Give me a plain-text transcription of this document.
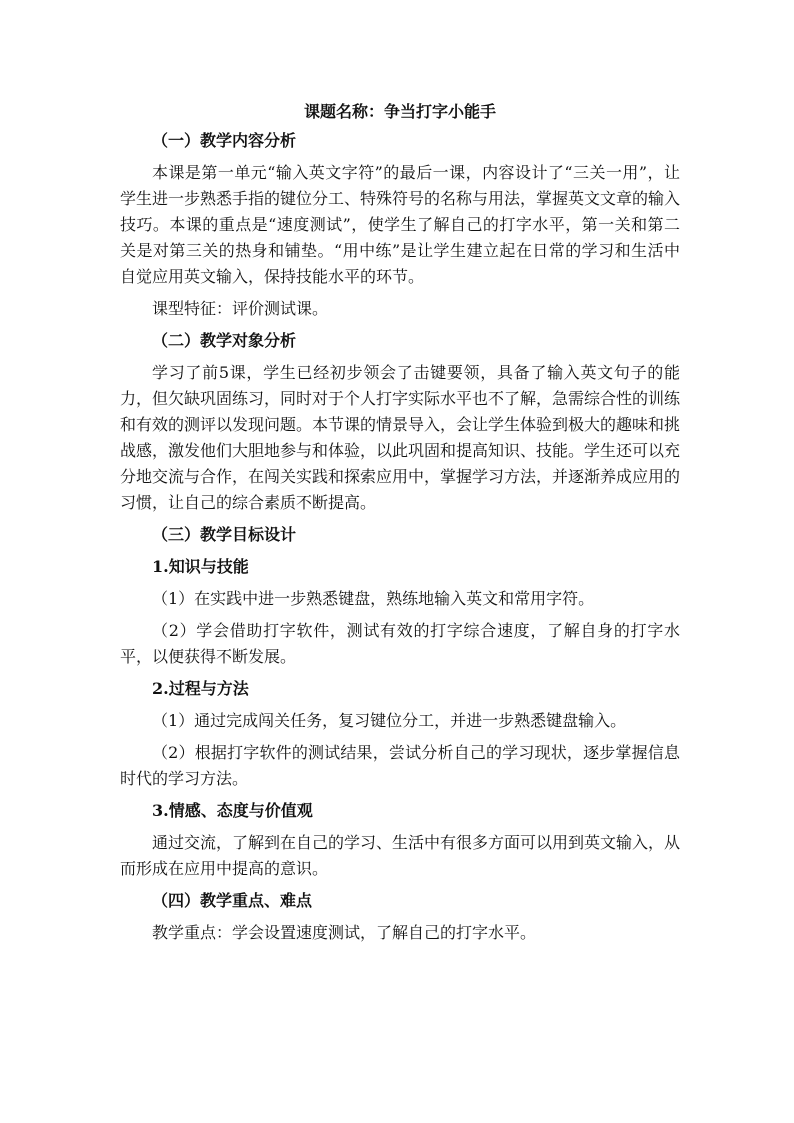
课题名称：争当打字小能手
（一）教学内容分析

本课是第一单元“输入英文字符”的最后一课，内容设计了“三关一用”，让学生进一步熟悉手指的键位分工、特殊符号的名称与用法，掌握英文文章的输入技巧。本课的重点是“速度测试”，使学生了解自己的打字水平，第一关和第二关是对第三关的热身和铺垫。“用中练”是让学生建立起在日常的学习和生活中自觉应用英文输入，保持技能水平的环节。

课型特征：评价测试课。

（二）教学对象分析

学习了前5课，学生已经初步领会了击键要领，具备了输入英文句子的能力，但欠缺巩固练习，同时对于个人打字实际水平也不了解，急需综合性的训练和有效的测评以发现问题。本节课的情景导入，会让学生体验到极大的趣味和挑战感，激发他们大胆地参与和体验，以此巩固和提高知识、技能。学生还可以充分地交流与合作，在闯关实践和探索应用中，掌握学习方法，并逐渐养成应用的习惯，让自己的综合素质不断提高。

（三）教学目标设计
1.知识与技能

（1）在实践中进一步熟悉键盘，熟练地输入英文和常用字符。

（2）学会借助打字软件，测试有效的打字综合速度，了解自身的打字水平，以便获得不断发展。

2.过程与方法

（1）通过完成闯关任务，复习键位分工，并进一步熟悉键盘输入。

（2）根据打字软件的测试结果，尝试分析自己的学习现状，逐步掌握信息时代的学习方法。

3.情感、态度与价值观

通过交流，了解到在自己的学习、生活中有很多方面可以用到英文输入，从而形成在应用中提高的意识。

（四）教学重点、难点

教学重点：学会设置速度测试，了解自己的打字水平。
